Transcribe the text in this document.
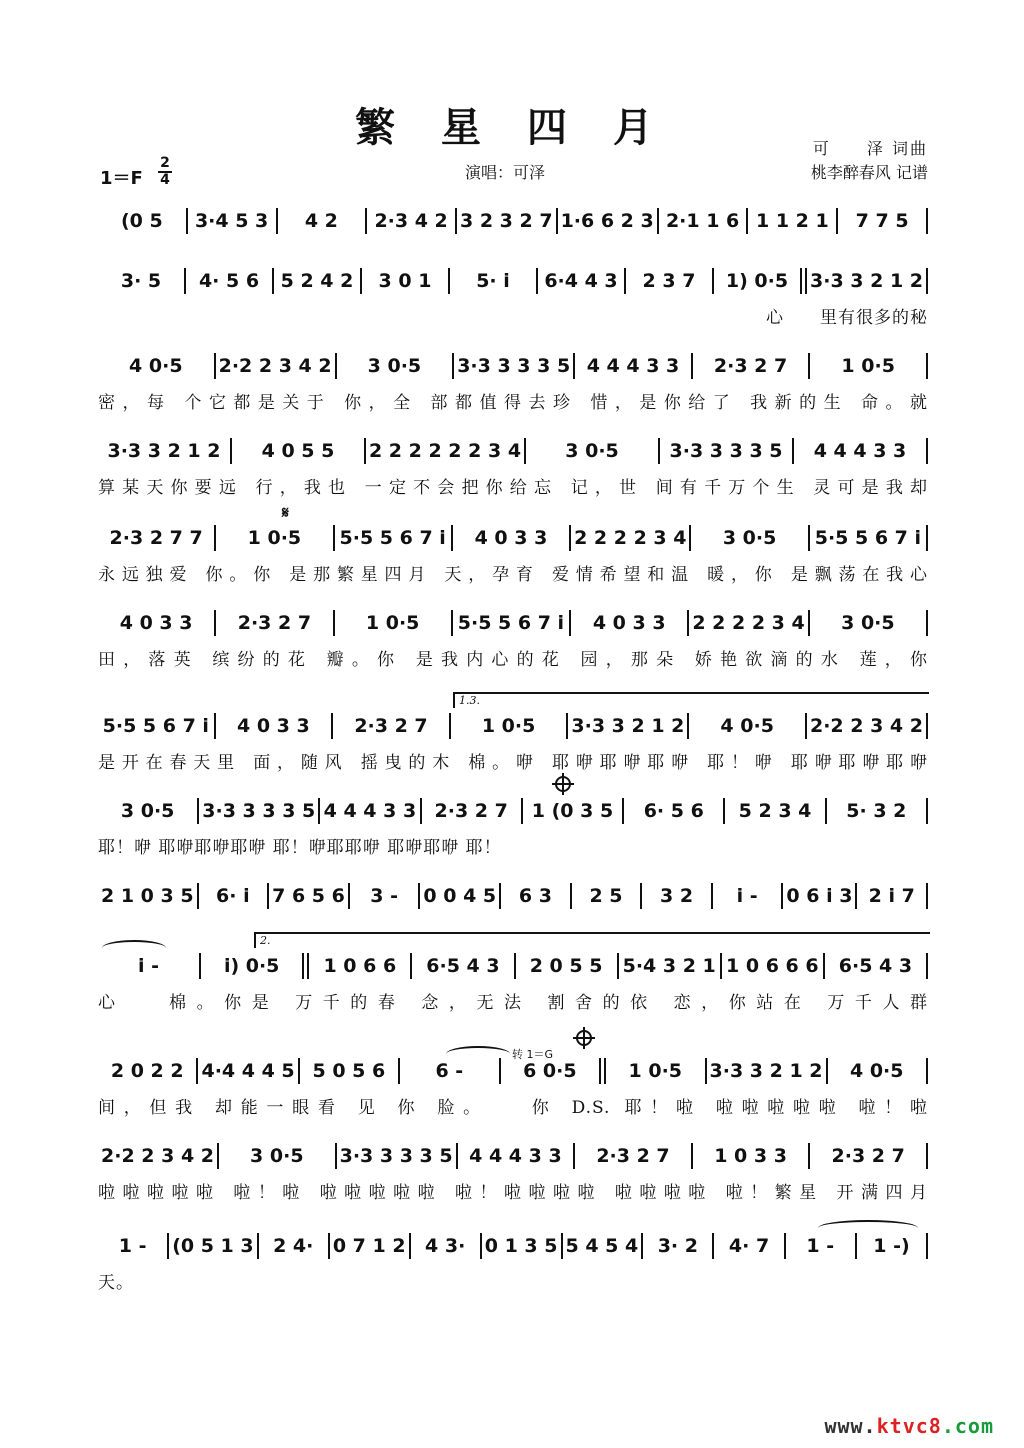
繁 星 四 月	可　　泽 词曲
桃李醉春风 记谱
演唱：可泽
1＝F
2
4
𝄋
1.3.
2.
转 1＝G
(0 5	3·4 5 3	4 2	2·3 4 2 3 2 3 2 7 1·6 6 2 3 2·1 1 6 1 1 2 1	7 7 5
3· 5	4· 5 6	5 2 4 2	3 0 1	5· i	6·4 4 3	2 3 7	1) 0·5	3·3 3 2 1 2
心　　里有很多的秘
4 0·5	2·2 2 3 4 2	3 0·5	3·3 3 3 3 5 4 4 4 3 3	2·3 2 7	1 0·5
密，每 个它都是关于 你，全 部都值得去珍 惜，是你给了 我新的生 命。就
3·3 3 2 1 2	4 0 5 5	2 2 2 2 2 2 3 4	3 0·5	3·3 3 3 3 5	4 4 4 3 3
算某天你要远 行，我也 一定不会把你给忘 记，世 间有千万个生 灵可是我却
2·3 2 7 7	1 0·5	5·5 5 6 7 i	4 0 3 3	2 2 2 2 3 4	3 0·5	5·5 5 6 7 i
永远独爱 你。你 是那繁星四月 天，孕育 爱情希望和温 暖，你 是飘荡在我心
4 0 3 3	2·3 2 7	1 0·5	5·5 5 6 7 i	4 0 3 3	2 2 2 2 3 4	3 0·5
田，落英 缤纷的花 瓣。你 是我内心的花 园，那朵 娇艳欲滴的水 莲，你
5·5 5 6 7 i	4 0 3 3	2·3 2 7	1 0·5	3·3 3 2 1 2	4 0·5	2·2 2 3 4 2
是开在春天里 面，随风 摇曳的木 棉。咿 耶咿耶咿耶咿 耶！咿 耶咿耶咿耶咿
3 0·5	3·3 3 3 3 5 4 4 4 3 3 2·3 2 7	1 (0 3 5	6· 5 6	5 2 3 4	5· 3 2
耶！咿 耶咿耶咿耶咿 耶！咿耶耶咿 耶咿耶咿 耶！
2 1 0 3 5	6· i	7 6 5 6	3 -	0 0 4 5	6 3	2 5	3 2	i -	0 6 i 3 2 i 7
i -	i) 0·5	1 0 6 6	6·5 4 3	2 0 5 5	5·4 3 2 1 1 0 6 6 6	6·5 4 3
心　 棉。你是 万千的春 念，无法 割舍的依 恋，你站在 万千人群
2 0 2 2 4·4 4 4 5 5 0 5 6	6 -	6 0·5	1 0·5	3·3 3 2 1 2	4 0·5
间，但我 却能一眼看 见 你 脸。　　你 D.S. 耶！啦 啦啦啦啦啦 啦！啦
2·2 2 3 4 2	3 0·5	3·3 3 3 3 5 4 4 4 3 3	2·3 2 7	1 0 3 3	2·3 2 7
啦啦啦啦啦 啦！啦 啦啦啦啦啦 啦！啦啦啦啦 啦啦啦啦 啦！繁星 开满四月
1 -	(0 5 1 3	2 4·	0 7 1 2	4 3·	0 1 3 5 5 4 5 4	3· 2	4· 7	1 -	1 -)
天。
www.ktvc8.com
